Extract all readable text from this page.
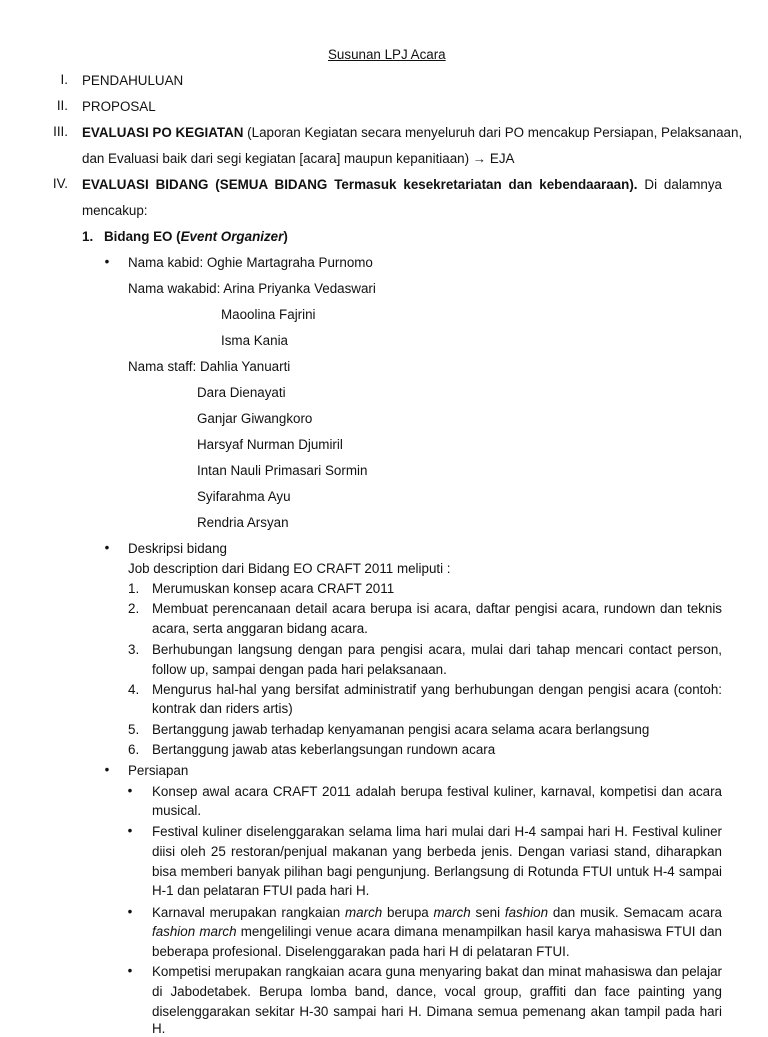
Susunan LPJ Acara
I. PENDAHULUAN
II. PROPOSAL
III. EVALUASI PO KEGIATAN (Laporan Kegiatan secara menyeluruh dari PO mencakup Persiapan, Pelaksanaan,
dan Evaluasi baik dari segi kegiatan [acara] maupun kepanitiaan) → EJA
IV. EVALUASI BIDANG (SEMUA BIDANG Termasuk kesekretariatan dan kebendaaraan). Di dalamnya
mencakup:
1. Bidang EO (Event Organizer)
• Nama kabid: Oghie Martagraha Purnomo
Nama wakabid: Arina Priyanka Vedaswari
Maoolina Fajrini
Isma Kania
Nama staff: Dahlia Yanuarti
Dara Dienayati
Ganjar Giwangkoro
Harsyaf Nurman Djumiril
Intan Nauli Primasari Sormin
Syifarahma Ayu
Rendria Arsyan
• Deskripsi bidang
Job description dari Bidang EO CRAFT 2011 meliputi :
1. Merumuskan konsep acara CRAFT 2011
2. Membuat perencanaan detail acara berupa isi acara, daftar pengisi acara, rundown dan teknis
acara, serta anggaran bidang acara.
3. Berhubungan langsung dengan para pengisi acara, mulai dari tahap mencari contact person,
follow up, sampai dengan pada hari pelaksanaan.
4. Mengurus hal-hal yang bersifat administratif yang berhubungan dengan pengisi acara (contoh:
kontrak dan riders artis)
5. Bertanggung jawab terhadap kenyamanan pengisi acara selama acara berlangsung
6. Bertanggung jawab atas keberlangsungan rundown acara
• Persiapan
• Konsep awal acara CRAFT 2011 adalah berupa festival kuliner, karnaval, kompetisi dan acara
musical.
• Festival kuliner diselenggarakan selama lima hari mulai dari H-4 sampai hari H. Festival kuliner
diisi oleh 25 restoran/penjual makanan yang berbeda jenis. Dengan variasi stand, diharapkan
bisa memberi banyak pilihan bagi pengunjung. Berlangsung di Rotunda FTUI untuk H-4 sampai
H-1 dan pelataran FTUI pada hari H.
• Karnaval merupakan rangkaian march berupa march seni fashion dan musik. Semacam acara
fashion march mengelilingi venue acara dimana menampilkan hasil karya mahasiswa FTUI dan
beberapa profesional. Diselenggarakan pada hari H di pelataran FTUI.
• Kompetisi merupakan rangkaian acara guna menyaring bakat dan minat mahasiswa dan pelajar
di Jabodetabek. Berupa lomba band, dance, vocal group, graffiti dan face painting yang
diselenggarakan sekitar H-30 sampai hari H. Dimana semua pemenang akan tampil pada hari H.
